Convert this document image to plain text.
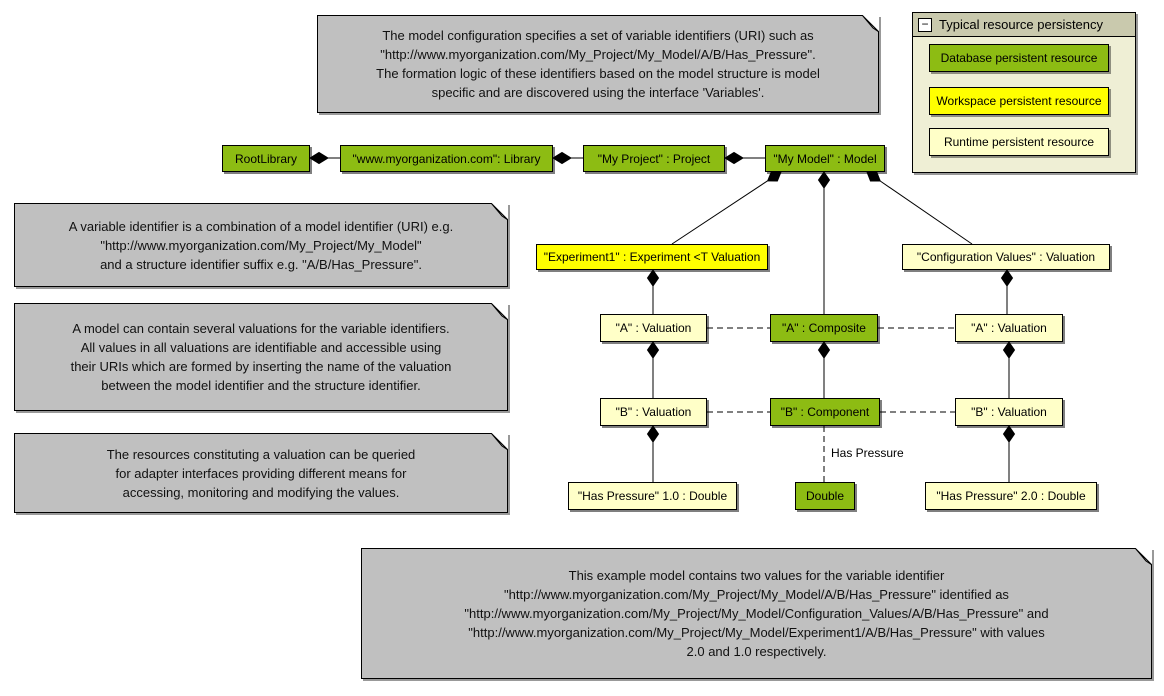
The model configuration specifies a set of variable identifiers (URI) such as
"http://www.myorganization.com/My_Project/My_Model/A/B/Has_Pressure".
The formation logic of these identifiers based on the model structure is model
specific and are discovered using the interface 'Variables'.
A variable identifier is a combination of a model identifier (URI) e.g.
"http://www.myorganization.com/My_Project/My_Model"
and a structure identifier suffix e.g. "A/B/Has_Pressure".
A model can contain several valuations for the variable identifiers.
All values in all valuations are identifiable and accessible using
their URIs which are formed by inserting the name of the valuation
between the model identifier and the structure identifier.
The resources constituting a valuation can be queried
for adapter interfaces providing different means for
accessing, monitoring and modifying the values.
This example model contains two values for the variable identifier
"http://www.myorganization.com/My_Project/My_Model/A/B/Has_Pressure" identified as
"http://www.myorganization.com/My_Project/My_Model/Configuration_Values/A/B/Has_Pressure" and
"http://www.myorganization.com/My_Project/My_Model/Experiment1/A/B/Has_Pressure" with values
2.0 and 1.0 respectively.
− Typical resource persistency
Database persistent resource
Workspace persistent resource
Runtime persistent resource
RootLibrary	"www.myorganization.com": Library	"My Project" : Project	"My Model" : Model
"Experiment1" : Experiment <T Valuation	"Configuration Values" : Valuation
"A" : Valuation	"A" : Composite	"A" : Valuation
"B" : Valuation	"B" : Component	"B" : Valuation
"Has Pressure" 1.0 : Double	Double	"Has Pressure" 2.0 : Double
Has Pressure
